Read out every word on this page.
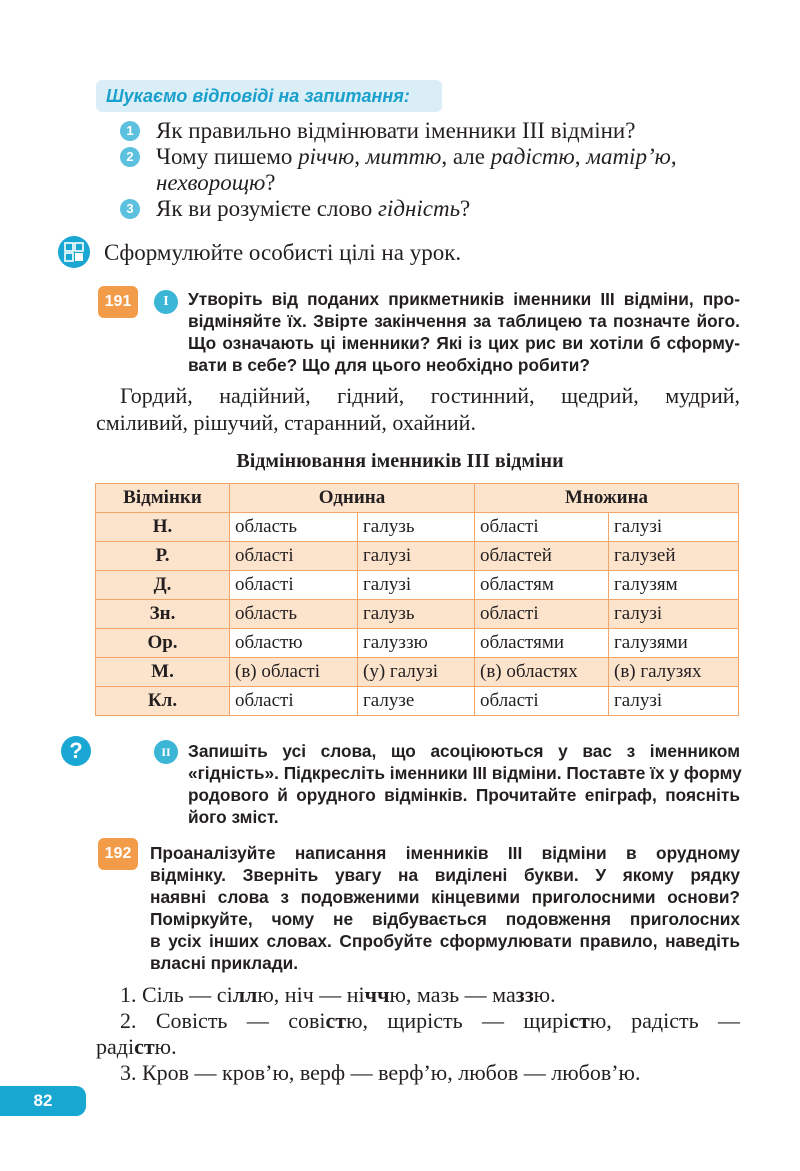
Шукаємо відповіді на запитання:
1 Як правильно відмінювати іменники III відміни?
2 Чому пишемо річчю, миттю, але радістю, матір’ю,
нехворощю?
3 Як ви розумієте слово гідність?
Сформулюйте особисті цілі на урок.
191	I	Утворіть від поданих прикметників іменники III відміни, про-
відміняйте їх. Звірте закінчення за таблицею та позначте його.
Що означають ці іменники? Які із цих рис ви хотіли б сформу-
вати в себе? Що для цього необхідно робити?
Гордий, надійний, гідний, гостинний, щедрий, мудрий,
сміливий, рішучий, старанний, охайний.
Відмінювання іменників III відміни
Відмінки	Однина		Множина	
Н.	область	галузь	області	галузі
Р.	області	галузі	областей	галузей
Д.	області	галузі	областям	галузям
Зн.	область	галузь	області	галузі
Ор.	областю	галуззю	областями	галузями
М.	(в) області	(у) галузі	(в) областях	(в) галузях
Кл.	області	галузе	області	галузі
?	II	Запишіть усі слова, що асоціюються у вас з іменником
«гідність». Підкресліть іменники III відміни. Поставте їх у форму
родового й орудного відмінків. Прочитайте епіграф, поясніть
його зміст.
192	Проаналізуйте написання іменників III відміни в орудному
відмінку. Зверніть увагу на виділені букви. У якому рядку
наявні слова з подовженими кінцевими приголосними основи?
Поміркуйте, чому не відбувається подовження приголосних
в усіх інших словах. Спробуйте сформулювати правило, наведіть
власні приклади.
1. Сіль — сіллю, ніч — ніччю, мазь — маззю.
2. Совість — совістю, щирість — щирістю, радість —
радістю.
3. Кров — кров’ю, верф — верф’ю, любов — любов’ю.
82
